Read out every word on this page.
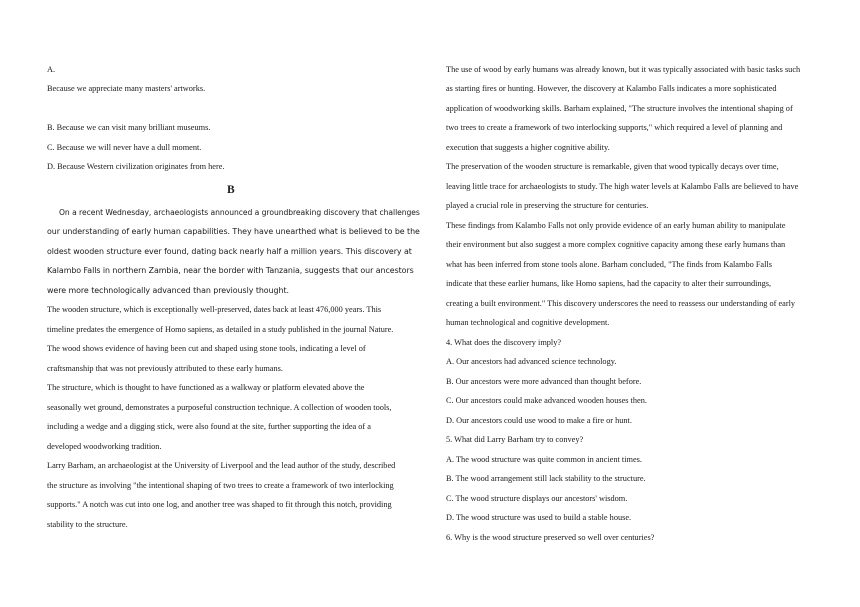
A.
Because we appreciate many masters' artworks.
B. Because we can visit many brilliant museums.
C. Because we will never have a dull moment.
D. Because Western civilization originates from here.
B
On a recent Wednesday, archaeologists announced a groundbreaking discovery that challenges
our understanding of early human capabilities. They have unearthed what is believed to be the
oldest wooden structure ever found, dating back nearly half a million years. This discovery at
Kalambo Falls in northern Zambia, near the border with Tanzania, suggests that our ancestors
were more technologically advanced than previously thought.
The wooden structure, which is exceptionally well-preserved, dates back at least 476,000 years. This
timeline predates the emergence of Homo sapiens, as detailed in a study published in the journal Nature.
The wood shows evidence of having been cut and shaped using stone tools, indicating a level of
craftsmanship that was not previously attributed to these early humans.
The structure, which is thought to have functioned as a walkway or platform elevated above the
seasonally wet ground, demonstrates a purposeful construction technique. A collection of wooden tools,
including a wedge and a digging stick, were also found at the site, further supporting the idea of a
developed woodworking tradition.
Larry Barham, an archaeologist at the University of Liverpool and the lead author of the study, described
the structure as involving "the intentional shaping of two trees to create a framework of two interlocking
supports." A notch was cut into one log, and another tree was shaped to fit through this notch, providing
stability to the structure.
The use of wood by early humans was already known, but it was typically associated with basic tasks such
as starting fires or hunting. However, the discovery at Kalambo Falls indicates a more sophisticated
application of woodworking skills. Barham explained, "The structure involves the intentional shaping of
two trees to create a framework of two interlocking supports," which required a level of planning and
execution that suggests a higher cognitive ability.
The preservation of the wooden structure is remarkable, given that wood typically decays over time,
leaving little trace for archaeologists to study. The high water levels at Kalambo Falls are believed to have
played a crucial role in preserving the structure for centuries.
These findings from Kalambo Falls not only provide evidence of an early human ability to manipulate
their environment but also suggest a more complex cognitive capacity among these early humans than
what has been inferred from stone tools alone. Barham concluded, "The finds from Kalambo Falls
indicate that these earlier humans, like Homo sapiens, had the capacity to alter their surroundings,
creating a built environment." This discovery underscores the need to reassess our understanding of early
human technological and cognitive development.
4. What does the discovery imply?
A. Our ancestors had advanced science technology.
B. Our ancestors were more advanced than thought before.
C. Our ancestors could make advanced wooden houses then.
D. Our ancestors could use wood to make a fire or hunt.
5. What did Larry Barham try to convey?
A. The wood structure was quite common in ancient times.
B. The wood arrangement still lack stability to the structure.
C. The wood structure displays our ancestors' wisdom.
D. The wood structure was used to build a stable house.
6. Why is the wood structure preserved so well over centuries?
